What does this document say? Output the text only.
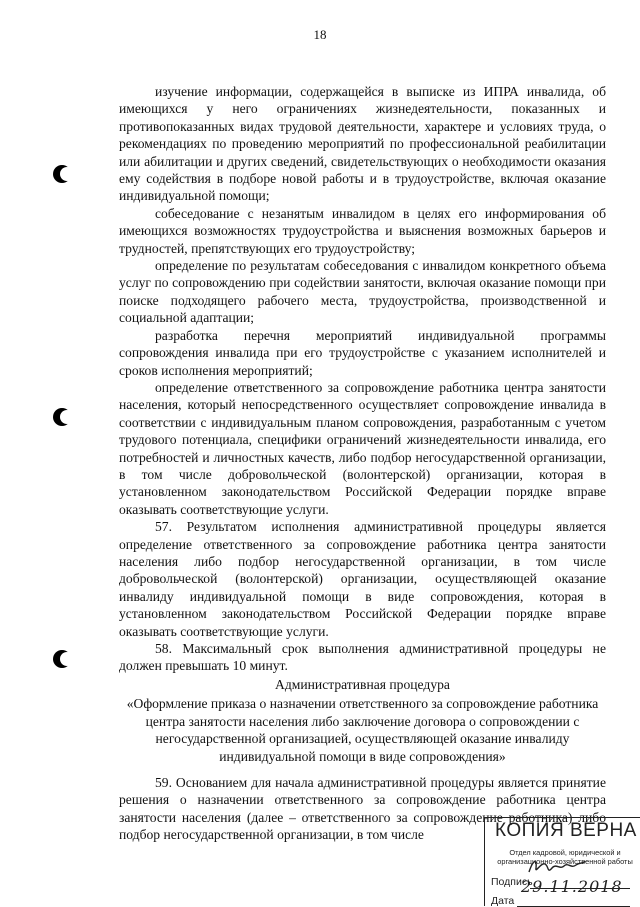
18

изучение информации, содержащейся в выписке из ИПРА инвалида, об имеющихся у него ограничениях жизнедеятельности, показанных и противопоказанных видах трудовой деятельности, характере и условиях труда, о рекомендациях по проведению мероприятий по профессиональной реабилитации или абилитации и других сведений, свидетельствующих о необходимости оказания ему содействия в подборе новой работы и в трудоустройстве, включая оказание индивидуальной помощи;

собеседование с незанятым инвалидом в целях его информирования об имеющихся возможностях трудоустройства и выяснения возможных барьеров и трудностей, препятствующих его трудоустройству;

определение по результатам собеседования с инвалидом конкретного объема услуг по сопровождению при содействии занятости, включая оказание помощи при поиске подходящего рабочего места, трудоустройства, производственной и социальной адаптации;

разработка перечня мероприятий индивидуальной программы сопровождения инвалида при его трудоустройстве с указанием исполнителей и сроков исполнения мероприятий;

определение ответственного за сопровождение работника центра занятости населения, который непосредственного осуществляет сопровождение инвалида в соответствии с индивидуальным планом сопровождения, разработанным с учетом трудового потенциала, специфики ограничений жизнедеятельности инвалида, его потребностей и личностных качеств, либо подбор негосударственной организации, в том числе добровольческой (волонтерской) организации, которая в установленном законодательством Российской Федерации порядке вправе оказывать соответствующие услуги.

57. Результатом исполнения административной процедуры является определение ответственного за сопровождение работника центра занятости населения либо подбор негосударственной организации, в том числе добровольческой (волонтерской) организации, осуществляющей оказание инвалиду индивидуальной помощи в виде сопровождения, которая в установленном законодательством Российской Федерации порядке вправе оказывать соответствующие услуги.

58. Максимальный срок выполнения административной процедуры не должен превышать 10 минут.

Административная процедура

«Оформление приказа о назначении ответственного за сопровождение работника центра занятости населения либо заключение договора о сопровождении с негосударственной организацией, осуществляющей оказание инвалиду индивидуальной помощи в виде сопровождения»

59. Основанием для начала административной процедуры является принятие решения о назначении ответственного за сопровождение работника центра занятости населения (далее – ответственного за сопровождение работника) либо подбор негосударственной организации, в том числе	КОПИЯ ВЕРНА
Отдел кадровой, юридической и организационно-хозяйственной работы
Подпись
Дата
29.11.2018
